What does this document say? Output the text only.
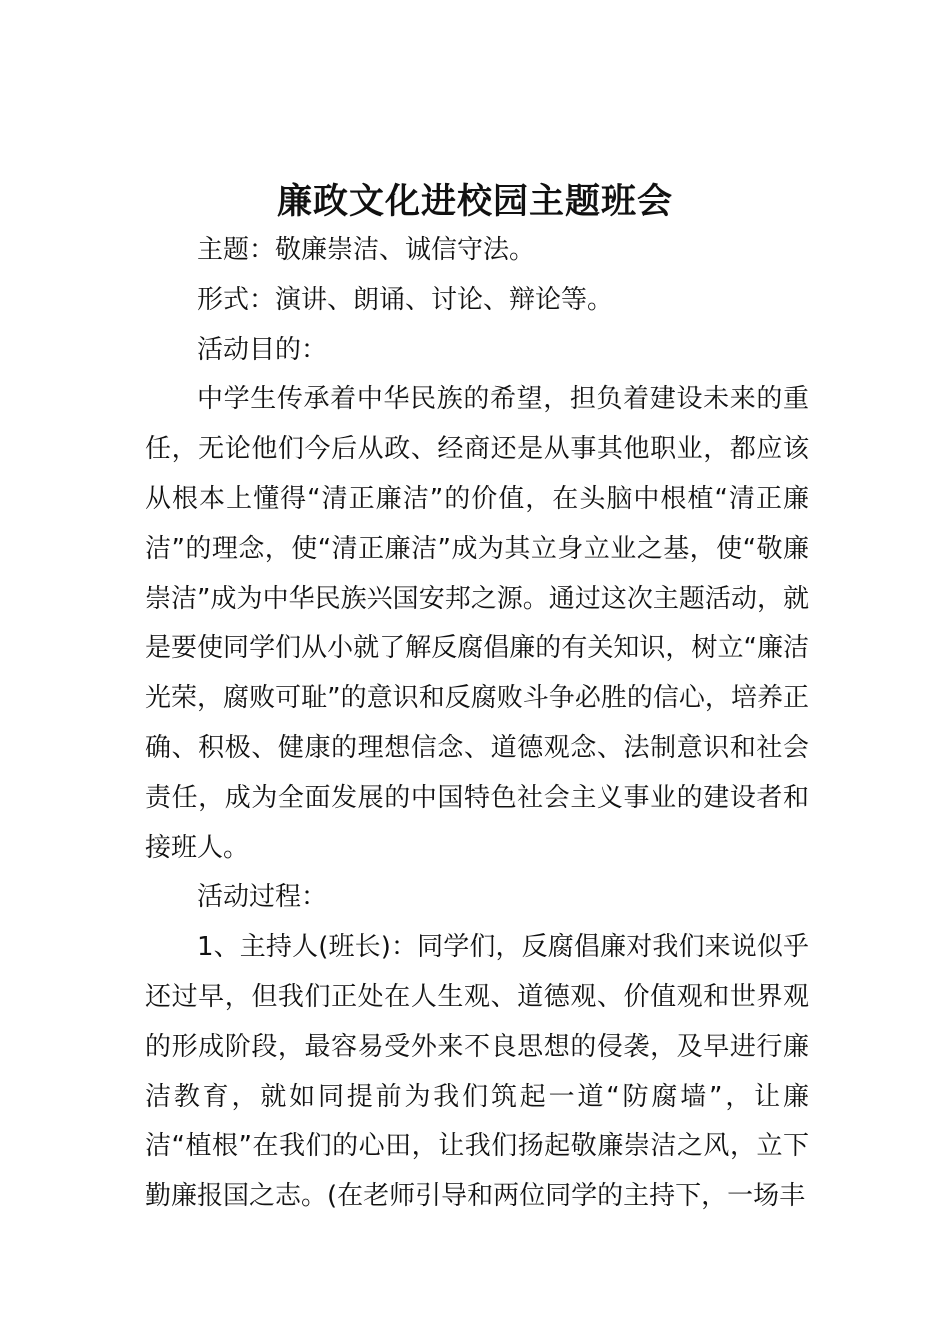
廉政文化进校园主题班会

主题：敬廉崇洁、诚信守法。

形式：演讲、朗诵、讨论、辩论等。

活动目的：

中学生传承着中华民族的希望，担负着建设未来的重任，无论他们今后从政、经商还是从事其他职业，都应该从根本上懂得“清正廉洁”的价值，在头脑中根植“清正廉洁”的理念，使“清正廉洁”成为其立身立业之基，使“敬廉崇洁”成为中华民族兴国安邦之源。通过这次主题活动，就是要使同学们从小就了解反腐倡廉的有关知识，树立“廉洁光荣，腐败可耻”的意识和反腐败斗争必胜的信心，培养正确、积极、健康的理想信念、道德观念、法制意识和社会责任，成为全面发展的中国特色社会主义事业的建设者和接班人。

活动过程：

1、主持人(班长)：同学们，反腐倡廉对我们来说似乎还过早，但我们正处在人生观、道德观、价值观和世界观的形成阶段，最容易受外来不良思想的侵袭，及早进行廉洁教育，就如同提前为我们筑起一道“防腐墙”，让廉洁“植根”在我们的心田，让我们扬起敬廉崇洁之风，立下勤廉报国之志。(在老师引导和两位同学的主持下，一场丰
